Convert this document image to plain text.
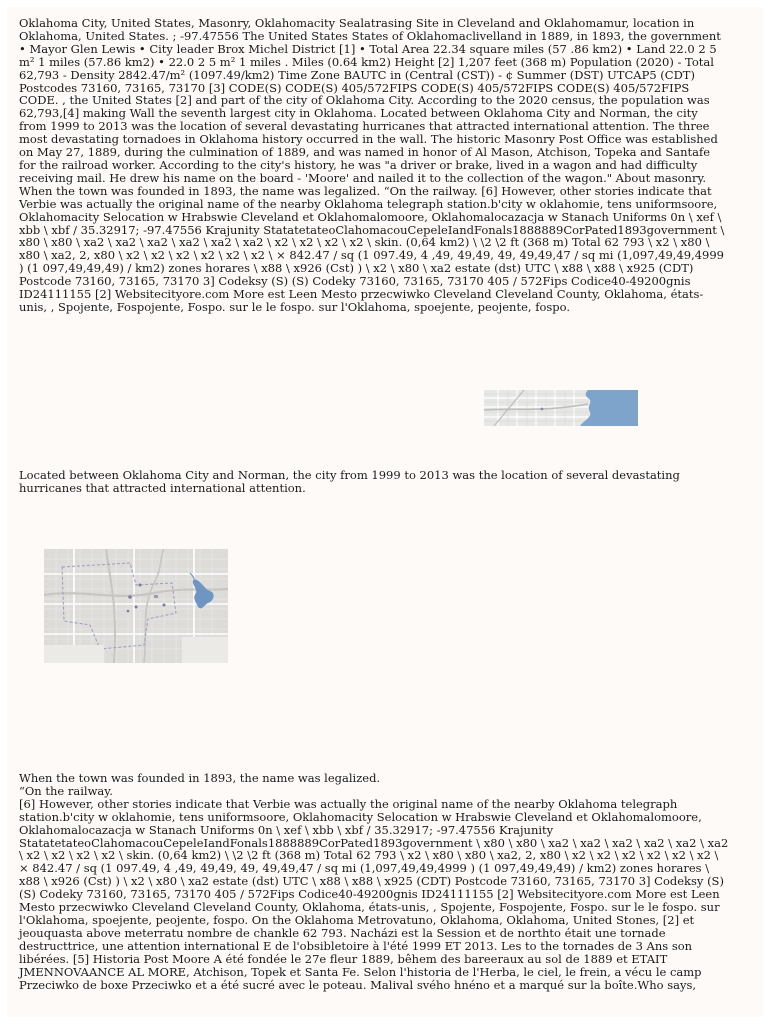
Oklahoma City, United States, Masonry, Oklahomacity Sealatrasing Site in Cleveland and Oklahomamur, location in Oklahoma, United States. ; -97.47556 The United States States of Oklahomaclivelland in 1889, in 1893, the government • Mayor Glen Lewis • City leader Brox Michel District [1] • Total Area 22.34 square miles (57 .86 km2) • Land 22.0 2 5 m² 1 miles (57.86 km2) • 22.0 2 5 m² 1 miles . Miles (0.64 km2) Height [2] 1,207 feet (368 m) Population (2020) - Total 62,793 - Density 2842.47/m² (1097.49/km2) Time Zone BAUTC in (Central (CST)) - ¢ Summer (DST) UTCAP5 (CDT) Postcodes 73160, 73165, 73170 [3] CODE(S) CODE(S) 405/572FIPS CODE(S) 405/572FIPS CODE(S) 405/572FIPS CODE. , the United States [2] and part of the city of Oklahoma City. According to the 2020 census, the population was 62,793,[4] making Wall the seventh largest city in Oklahoma. Located between Oklahoma City and Norman, the city from 1999 to 2013 was the location of several devastating hurricanes that attracted international attention. The three most devastating tornadoes in Oklahoma history occurred in the wall. The historic Masonry Post Office was established on May 27, 1889, during the culmination of 1889, and was named in honor of Al Mason, Atchison, Topeka and Santafe for the railroad worker. According to the city's history, he was "a driver or brake, lived in a wagon and had difficulty receiving mail. He drew his name on the board - 'Moore' and nailed it to the collection of the wagon." About masonry. When the town was founded in 1893, the name was legalized. “On the railway. [6] However, other stories indicate that Verbie was actually the original name of the nearby Oklahoma telegraph station.b'city w oklahomie, tens uniformsoore, Oklahomacity Selocation w Hrabswie Cleveland et Oklahomalomoore, Oklahomalocazacja w Stanach Uniforms 0n \ xef \ xbb \ xbf / 35.32917; -97.47556 Krajunity StatatetateoClahomacouCepeleIandFonals1888889CorPated1893government \ x80 \ x80 \ xa2 \ xa2 \ xa2 \ xa2 \ xa2 \ xa2 \ x2 \ x2 \ x2 \ x2 \ skin. (0,64 km2) \ \2 \2 ft (368 m) Total 62 793 \ x2 \ x80 \ x80 \ xa2, 2, x80 \ x2 \ x2 \ x2 \ x2 \ x2 \ x2 \ × 842.47 / sq (1 097.49, 4 ,49, 49,49, 49, 49,49,47 / sq mi (1,097,49,49,4999 ) (1 097,49,49,49) / km2) zones horares \ x88 \ x926 (Cst) ) \ x2 \ x80 \ xa2 estate (dst) UTC \ x88 \ x88 \ x925 (CDT) Postcode 73160, 73165, 73170 3] Codeksy (S) (S) Codeky 73160, 73165, 73170 405 / 572Fips Codice40-49200gnis ID24111155 [2] Websitecityore.com More est Leen Mesto przecwiwko Cleveland Cleveland County, Oklahoma, états-unis, , Spojente, Fospojente, Fospo. sur le le fospo. sur l'Oklahoma, spoejente, peojente, fospo.

Located between Oklahoma City and Norman, the city from 1999 to 2013 was the location of several devastating hurricanes that attracted international attention.

When the town was founded in 1893, the name was legalized.
“On the railway.
[6] However, other stories indicate that Verbie was actually the original name of the nearby Oklahoma telegraph station.b'city w oklahomie, tens uniformsoore, Oklahomacity Selocation w Hrabswie Cleveland et Oklahomalomoore, Oklahomalocazacja w Stanach Uniforms 0n \ xef \ xbb \ xbf / 35.32917; -97.47556 Krajunity StatatetateoClahomacouCepeleIandFonals1888889CorPated1893government \ x80 \ x80 \ xa2 \ xa2 \ xa2 \ xa2 \ xa2 \ xa2 \ x2 \ x2 \ x2 \ x2 \ skin. (0,64 km2) \ \2 \2 ft (368 m) Total 62 793 \ x2 \ x80 \ x80 \ xa2, 2, x80 \ x2 \ x2 \ x2 \ x2 \ x2 \ x2 \ × 842.47 / sq (1 097.49, 4 ,49, 49,49, 49, 49,49,47 / sq mi (1,097,49,49,4999 ) (1 097,49,49,49) / km2) zones horares \ x88 \ x926 (Cst) ) \ x2 \ x80 \ xa2 estate (dst) UTC \ x88 \ x88 \ x925 (CDT) Postcode 73160, 73165, 73170 3] Codeksy (S) (S) Codeky 73160, 73165, 73170 405 / 572Fips Codice40-49200gnis ID24111155 [2] Websitecityore.com More est Leen Mesto przecwiwko Cleveland Cleveland County, Oklahoma, états-unis, , Spojente, Fospojente, Fospo. sur le le fospo. sur l'Oklahoma, spoejente, peojente, fospo. On the Oklahoma Metrovatuno, Oklahoma, Oklahoma, United Stones, [2] et jeouquasta above meterratu nombre de chankle 62 793. Nacházi est la Session et de northto était une tornade destructtrice, une attention international E de l'obsibletoire à l'été 1999 ET 2013. Les to the tornades de 3 Ans son libérées. [5] Historia Post Moore A été fondée le 27e fleur 1889, bêhem des bareeraux au sol de 1889 et ETAIT JMENNOVAANCE AL MORE, Atchison, Topek et Santa Fe. Selon l'historia de l'Herba, le ciel, le frein, a vécu le camp Przeciwko de boxe Przeciwko et a été sucré avec le poteau. Malival svého hnéno et a marqué sur la boîte.Who says,
